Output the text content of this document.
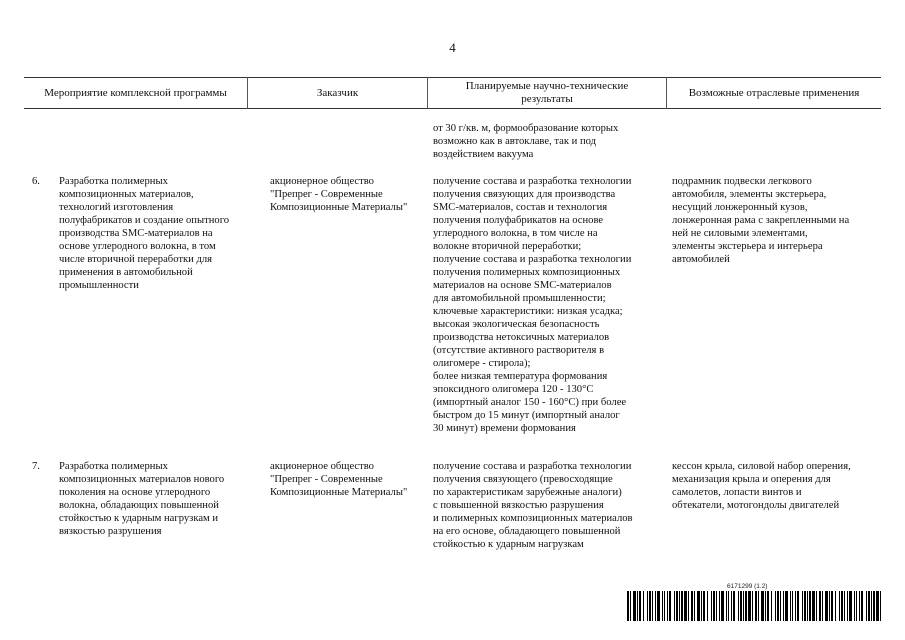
4
Мероприятие комплексной программы	Заказчик
Планируемые научно-технические
результаты	Возможные отраслевые применения
от 30 г/кв. м, формообразование которых
возможно как в автоклаве, так и под
воздействием вакуума
6. Разработка полимерных
композиционных материалов,
технологий изготовления
полуфабрикатов и создание опытного
производства SMC-материалов на
основе углеродного волокна, в том
числе вторичной переработки для
применения в автомобильной
промышленности
акционерное общество
"Препрег - Современные
Композиционные Материалы"
получение состава и разработка технологии
получения связующих для производства
SMC-материалов, состав и технология
получения полуфабрикатов на основе
углеродного волокна, в том числе на
волокне вторичной переработки;
получение состава и разработка технологии
получения полимерных композиционных
материалов на основе SMC-материалов
для автомобильной промышленности;
ключевые характеристики: низкая усадка;
высокая экологическая безопасность
производства нетоксичных материалов
(отсутствие активного растворителя в
олигомере - стирола);
более низкая температура формования
эпоксидного олигомера 120 - 130°C
(импортный аналог 150 - 160°C) при более
быстром до 15 минут (импортный аналог
30 минут) времени формования
подрамник подвески легкового
автомобиля, элементы экстерьера,
несущий лонжеронный кузов,
лонжеронная рама с закрепленными на
ней не силовыми элементами,
элементы экстерьера и интерьера
автомобилей
7. Разработка полимерных
композиционных материалов нового
поколения на основе углеродного
волокна, обладающих повышенной
стойкостью к ударным нагрузкам и
вязкостью разрушения
акционерное общество
"Препрег - Современные
Композиционные Материалы"
получение состава и разработка технологии
получения связующего (превосходящие
по характеристикам зарубежные аналоги)
с повышенной вязкостью разрушения
и полимерных композиционных материалов
на его основе, обладающего повышенной
стойкостью к ударным нагрузкам
кессон крыла, силовой набор оперения,
механизация крыла и оперения для
самолетов, лопасти винтов и
обтекатели, мотогондолы двигателей
6171299 (1.2)
